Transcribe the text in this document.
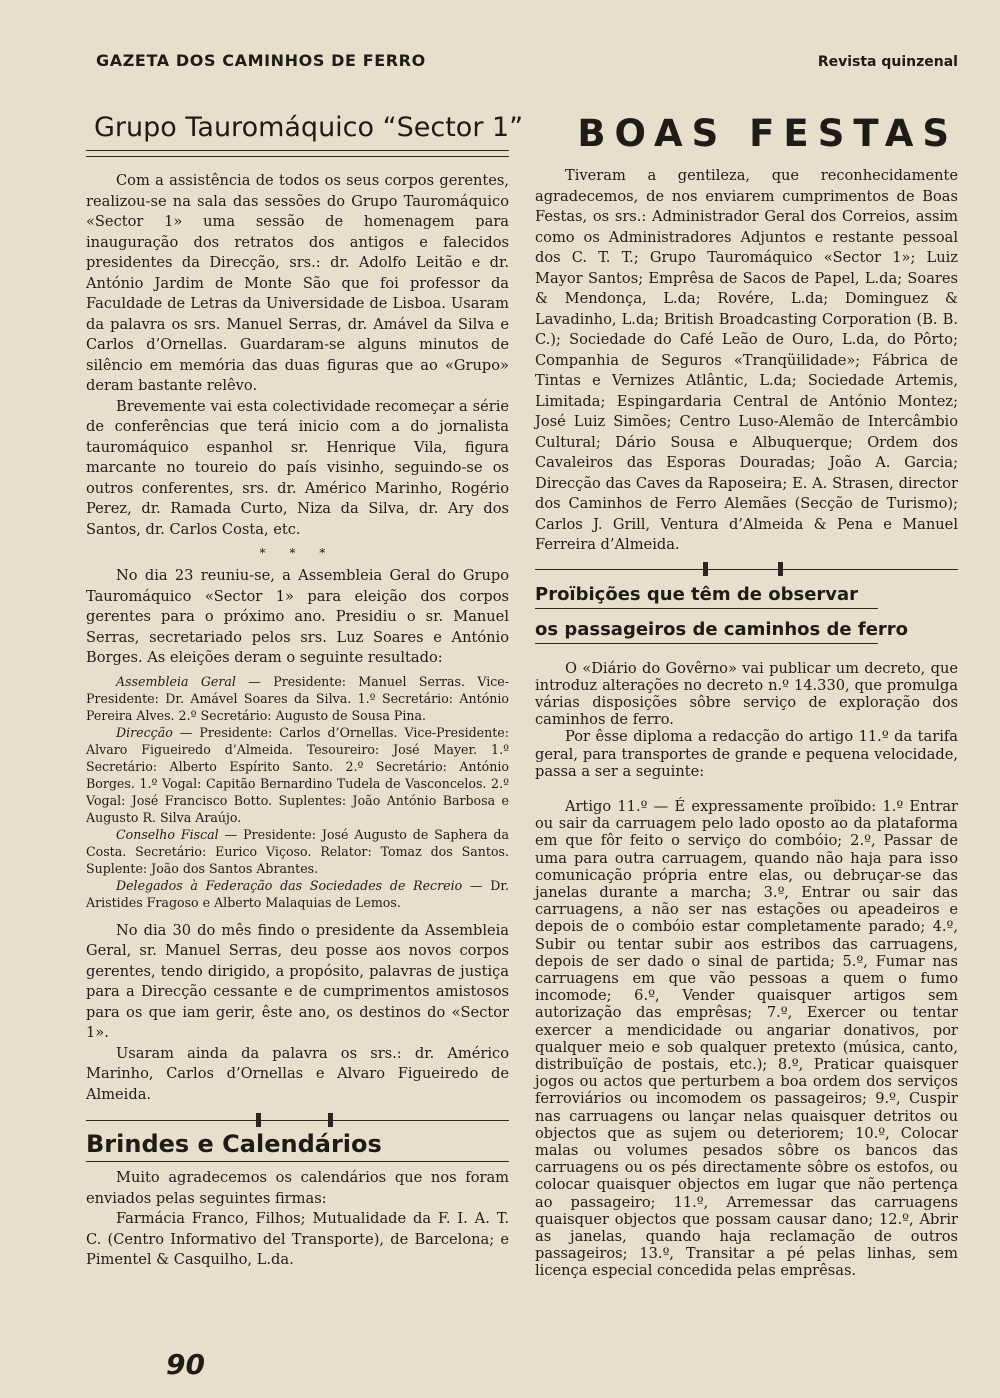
GAZETA DOS CAMINHOS DE FERRO	Revista quinzenal
Grupo Tauromáquico “Sector 1”

Com a assistência de todos os seus corpos gerentes, realizou-se na sala das sessões do Grupo Tauromáquico «Sector 1» uma sessão de homenagem para inauguração dos retratos dos antigos e falecidos presidentes da Direcção, srs.: dr. Adolfo Leitão e dr. António Jardim de Monte São que foi professor da Faculdade de Letras da Universidade de Lisboa. Usaram da palavra os srs. Manuel Serras, dr. Amável da Silva e Carlos d’Ornellas. Guardaram-se alguns minutos de silêncio em memória das duas figuras que ao «Grupo» deram bastante relêvo.

Brevemente vai esta colectividade recomeçar a série de conferências que terá inicio com a do jornalista tauromáquico espanhol sr. Henrique Vila, figura marcante no toureio do país visinho, seguindo-se os outros conferentes, srs. dr. Américo Marinho, Rogério Perez, dr. Ramada Curto, Niza da Silva, dr. Ary dos Santos, dr. Carlos Costa, etc.

* * *

No dia 23 reuniu-se, a Assembleia Geral do Grupo Tauromáquico «Sector 1» para eleição dos corpos gerentes para o próximo ano. Presidiu o sr. Manuel Serras, secretariado pelos srs. Luz Soares e António Borges. As eleições deram o seguinte resultado:

Assembleia Geral — Presidente: Manuel Serras. Vice-Presidente: Dr. Amável Soares da Silva. 1.º Secretário: António Pereira Alves. 2.º Secretário: Augusto de Sousa Pina.

Direcção — Presidente: Carlos d’Ornellas. Vice-Presidente: Alvaro Figueiredo d’Almeida. Tesoureiro: José Mayer. 1.º Secretário: Alberto Espírito Santo. 2.º Secretário: António Borges. 1.º Vogal: Capitão Bernardino Tudela de Vasconcelos. 2.º Vogal: José Francisco Botto. Suplentes: João António Barbosa e Augusto R. Silva Araújo.

Conselho Fiscal — Presidente: José Augusto de Saphera da Costa. Secretário: Eurico Viçoso. Relator: Tomaz dos Santos. Suplente: João dos Santos Abrantes.

Delegados à Federação das Sociedades de Recreio — Dr. Aristides Fragoso e Alberto Malaquias de Lemos.

No dia 30 do mês findo o presidente da Assembleia Geral, sr. Manuel Serras, deu posse aos novos corpos gerentes, tendo dirigido, a propósito, palavras de justiça para a Direcção cessante e de cumprimentos amistosos para os que iam gerir, êste ano, os destinos do «Sector 1».

Usaram ainda da palavra os srs.: dr. Américo Marinho, Carlos d’Ornellas e Alvaro Figueiredo de Almeida.

Brindes e Calendários

Muito agradecemos os calendários que nos foram enviados pelas seguintes firmas:

Farmácia Franco, Filhos; Mutualidade da F. I. A. T. C. (Centro Informativo del Transporte), de Barcelona; e Pimentel & Casquilho, L.da.

BOAS FESTAS

Tiveram a gentileza, que reconhecidamente agradecemos, de nos enviarem cumprimentos de Boas Festas, os srs.: Administrador Geral dos Correios, assim como os Administradores Adjuntos e restante pessoal dos C. T. T.; Grupo Tauromáquico «Sector 1»; Luiz Mayor Santos; Emprêsa de Sacos de Papel, L.da; Soares & Mendonça, L.da; Rovére, L.da; Dominguez & Lavadinho, L.da; British Broadcasting Corporation (B. B. C.); Sociedade do Café Leão de Ouro, L.da, do Pôrto; Companhia de Seguros «Tranqüilidade»; Fábrica de Tintas e Vernizes Atlântic, L.da; Sociedade Artemis, Limitada; Espingardaria Central de António Montez; José Luiz Simões; Centro Luso-Alemão de Intercâmbio Cultural; Dário Sousa e Albuquerque; Ordem dos Cavaleiros das Esporas Douradas; João A. Garcia; Direcção das Caves da Raposeira; E. A. Strasen, director dos Caminhos de Ferro Alemães (Secção de Turismo); Carlos J. Grill, Ventura d’Almeida & Pena e Manuel Ferreira d’Almeida.

Proïbições que têm de observar
os passageiros de caminhos de ferro

O «Diário do Govêrno» vai publicar um decreto, que introduz alterações no decreto n.º 14.330, que promulga várias disposições sôbre serviço de exploração dos caminhos de ferro.

Por êsse diploma a redacção do artigo 11.º da tarifa geral, para transportes de grande e pequena velocidade, passa a ser a seguinte:

Artigo 11.º — É expressamente proïbido: 1.º Entrar ou sair da carruagem pelo lado oposto ao da plataforma em que fôr feito o serviço do combóio; 2.º, Passar de uma para outra carruagem, quando não haja para isso comunicação própria entre elas, ou debruçar-se das janelas durante a marcha; 3.º, Entrar ou sair das carruagens, a não ser nas estações ou apeadeiros e depois de o combóio estar completamente parado; 4.º, Subir ou tentar subir aos estribos das carruagens, depois de ser dado o sinal de partida; 5.º, Fumar nas carruagens em que vão pessoas a quem o fumo incomode; 6.º, Vender quaisquer artigos sem autorização das emprêsas; 7.º, Exercer ou tentar exercer a mendicidade ou angariar donativos, por qualquer meio e sob qualquer pretexto (música, canto, distribuïção de postais, etc.); 8.º, Praticar quaisquer jogos ou actos que perturbem a boa ordem dos serviços ferroviários ou incomodem os passageiros; 9.º, Cuspir nas carruagens ou lançar nelas quaisquer detritos ou objectos que as sujem ou deteriorem; 10.º, Colocar malas ou volumes pesados sôbre os bancos das carruagens ou os pés directamente sôbre os estofos, ou colocar quaisquer objectos em lugar que não pertença ao passageiro; 11.º, Arremessar das carruagens quaisquer objectos que possam causar dano; 12.º, Abrir as janelas, quando haja reclamação de outros passageiros; 13.º, Transitar a pé pelas linhas, sem licença especial concedida pelas emprêsas.

90
